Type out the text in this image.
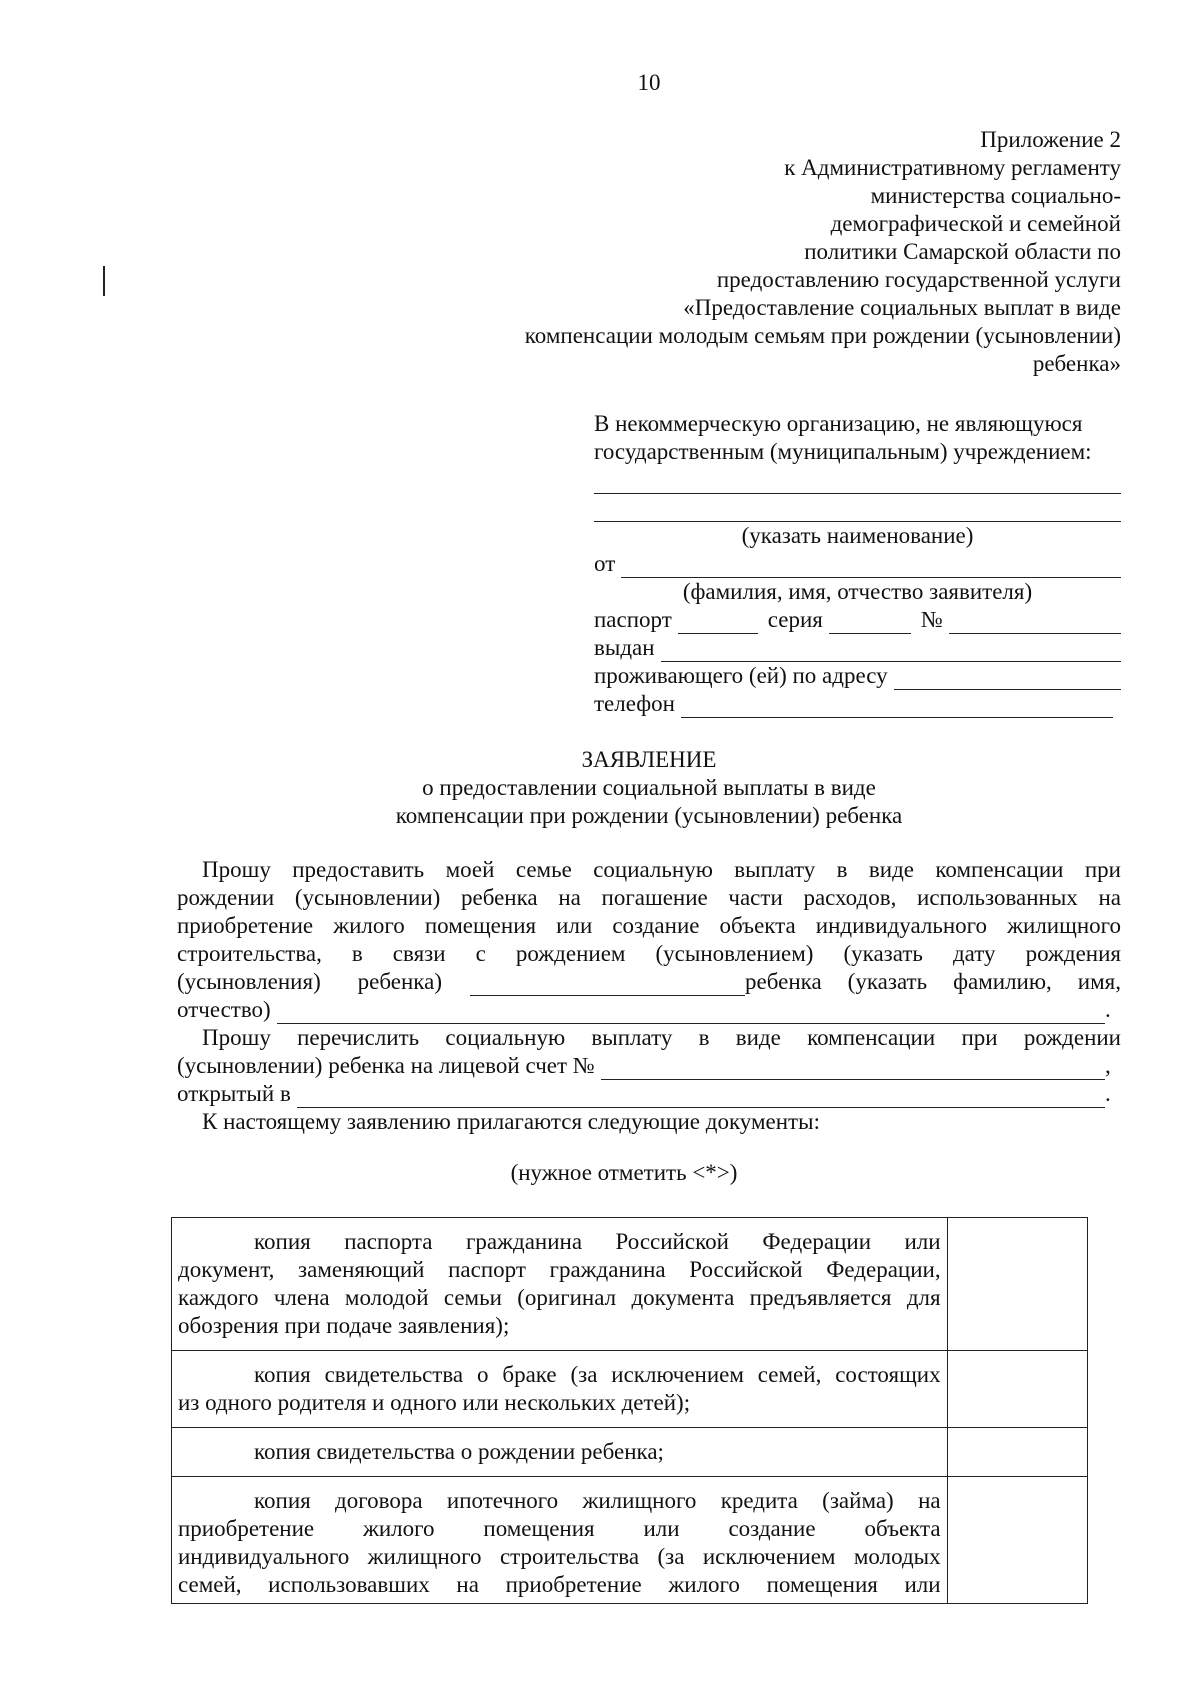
10
Приложение 2
к Административному регламенту
министерства социально-
демографической и семейной
политики Самарской области по
предоставлению государственной услуги
«Предоставление социальных выплат в виде
компенсации молодым семьям при рождении (усыновлении)
ребенка»
В некоммерческую организацию, не являющуюся
государственным (муниципальным) учреждением:
(указать наименование)
от
(фамилия, имя, отчество заявителя)
паспорт	серия	№
выдан
проживающего (ей) по адресу
телефон
ЗАЯВЛЕНИЕ
о предоставлении социальной выплаты в виде
компенсации при рождении (усыновлении) ребенка
Прошу предоставить моей семье социальную выплату в виде компенсации при
рождении (усыновлении) ребенка на погашение части расходов, использованных на
приобретение жилого помещения или создание объекта индивидуального жилищного
строительства, в связи с рождением (усыновлением) (указать дату рождения
(усыновления) ребенка)	ребенка (указать фамилию, имя,
отчество)	.
Прошу перечислить социальную выплату в виде компенсации при рождении
(усыновлении) ребенка на лицевой счет №	,
открытый в	.
К настоящему заявлению прилагаются следующие документы:
(нужное отметить <*>)
копия паспорта гражданина Российской Федерации или
документ, заменяющий паспорт гражданина Российской Федерации,
каждого члена молодой семьи (оригинал документа предъявляется для
обозрения при подаче заявления);	

копия свидетельства о браке (за исключением семей, состоящих
из одного родителя и одного или нескольких детей);	

копия свидетельства о рождении ребенка;	

копия договора ипотечного жилищного кредита (займа) на
приобретение жилого помещения или создание объекта
индивидуального жилищного строительства (за исключением молодых
семей, использовавших на приобретение жилого помещения или	
